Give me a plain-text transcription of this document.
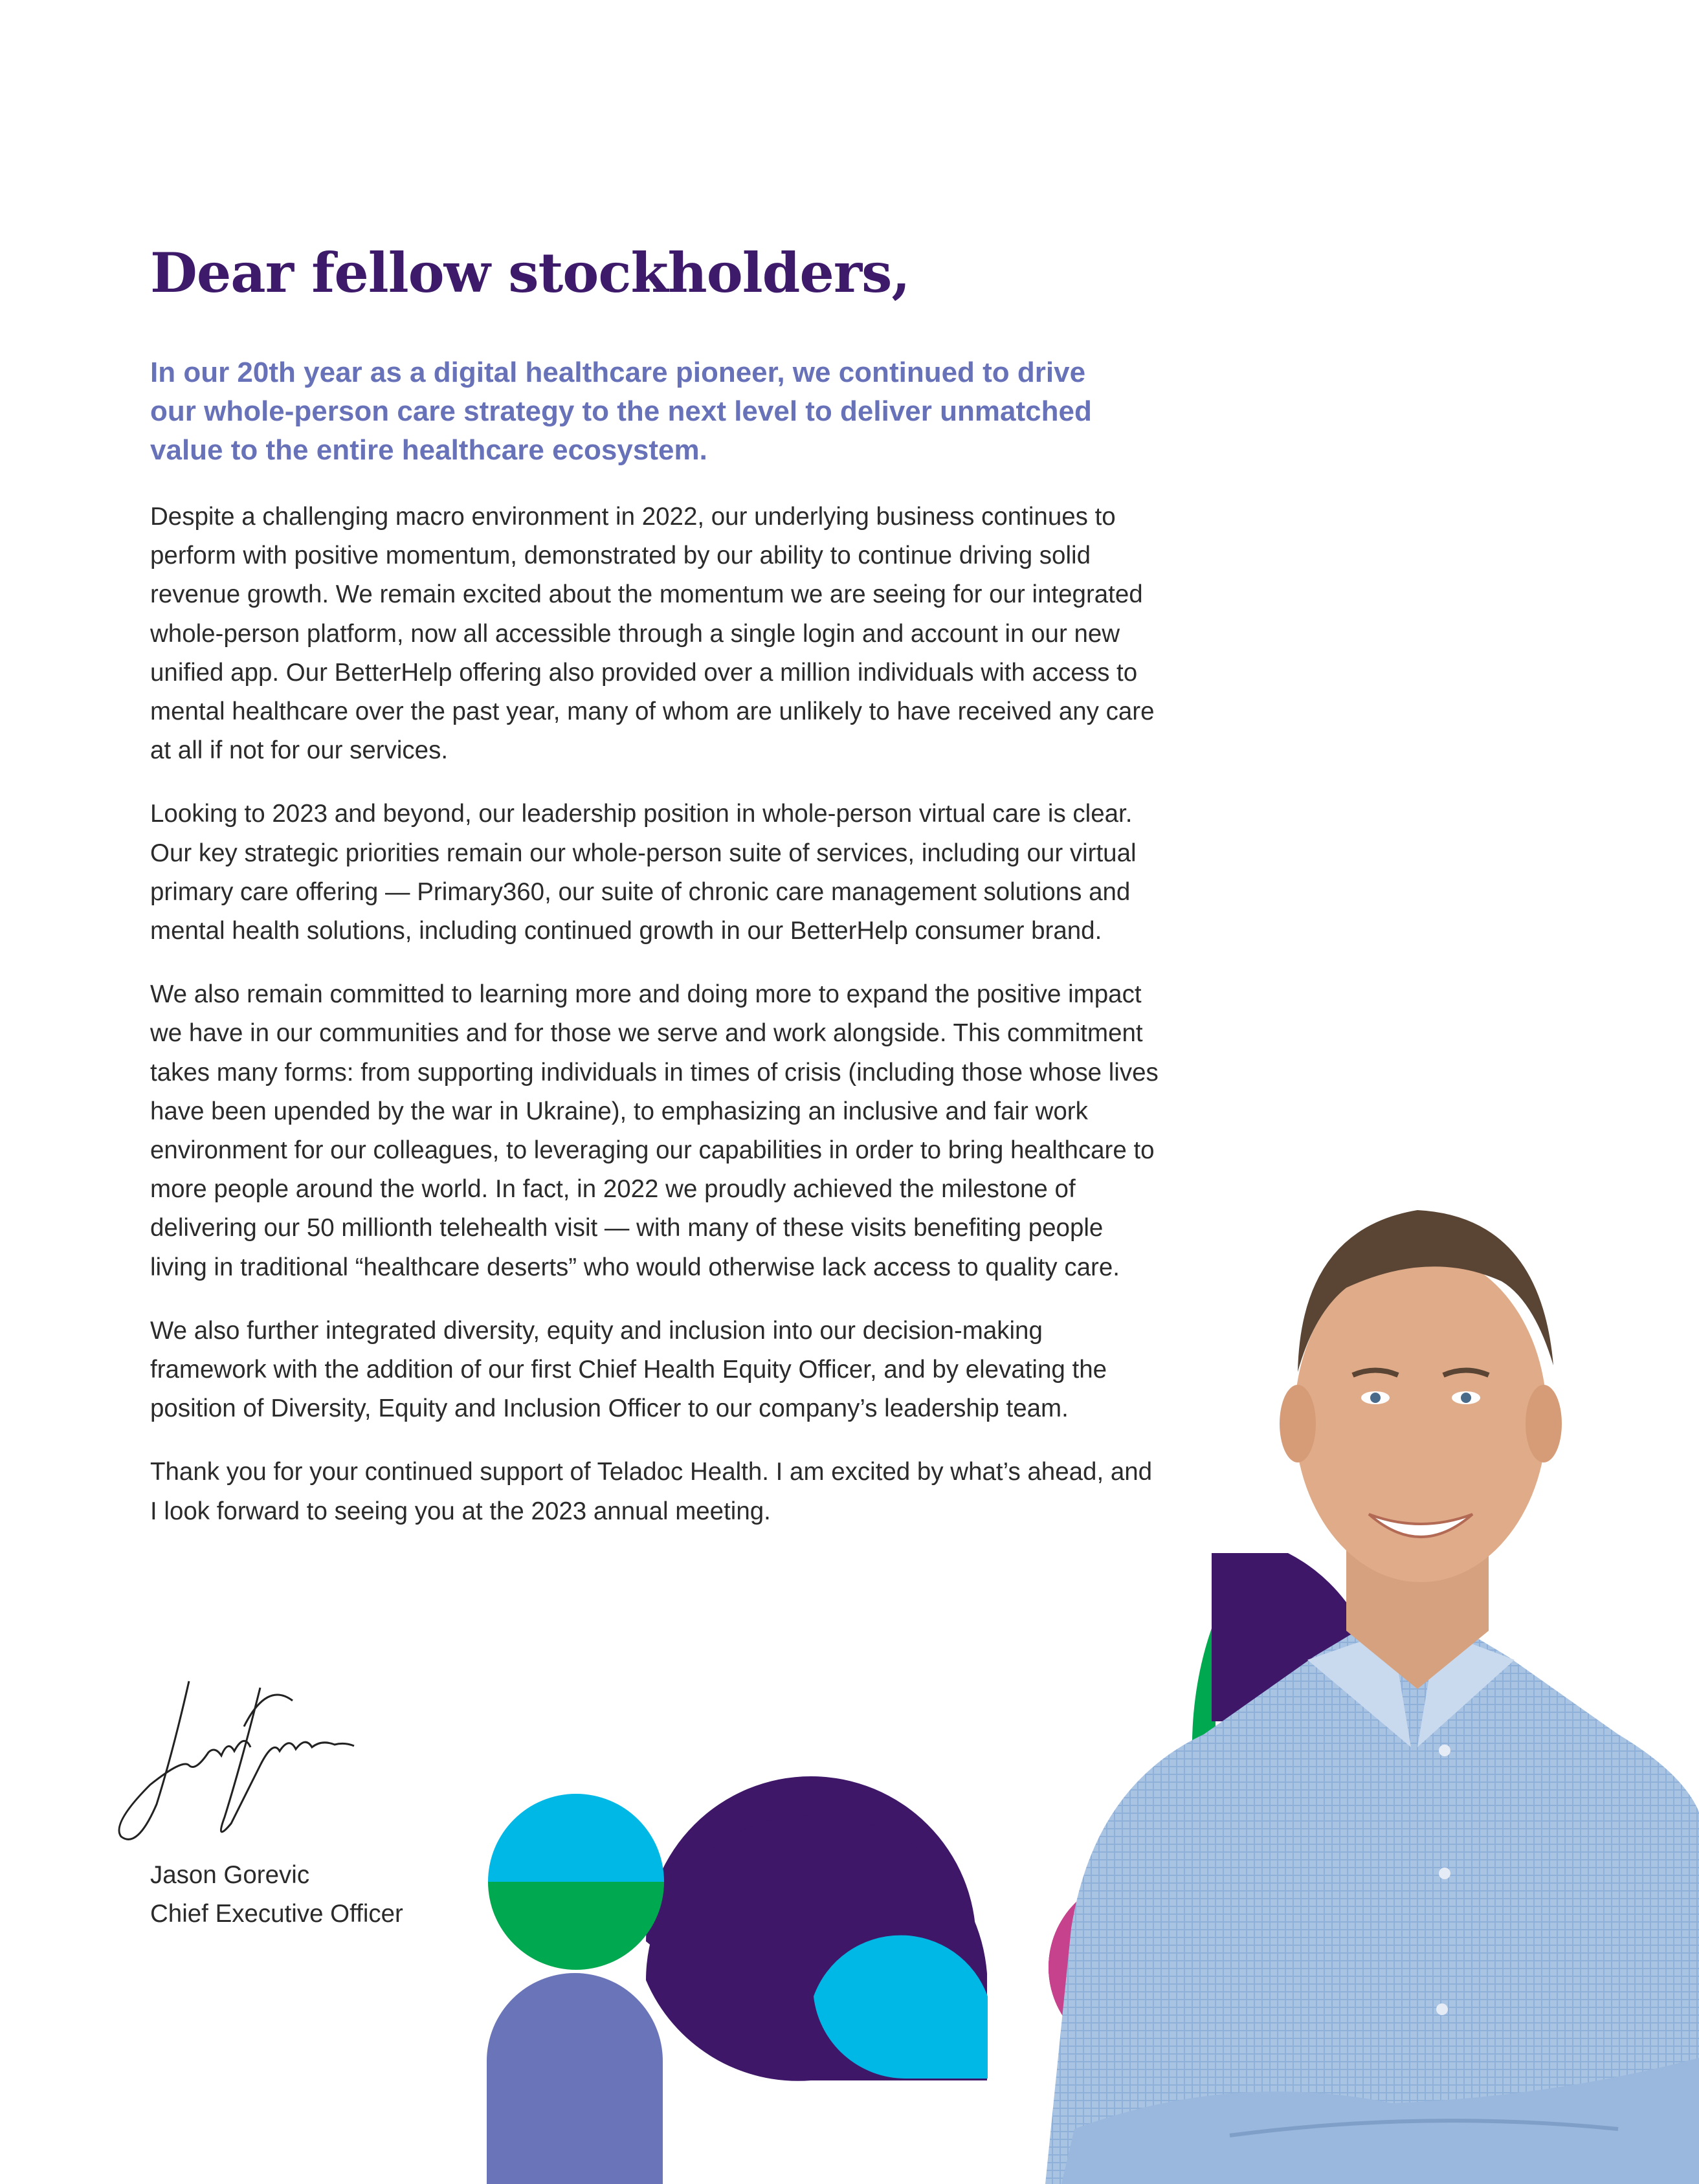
Dear fellow stockholders,

In our 20th year as a digital healthcare pioneer, we continued to drive our whole-person care strategy to the next level to deliver unmatched value to the entire healthcare ecosystem.

Despite a challenging macro environment in 2022, our underlying business continues to perform with positive momentum, demonstrated by our ability to continue driving solid revenue growth. We remain excited about the momentum we are seeing for our integrated whole-person platform, now all accessible through a single login and account in our new unified app. Our BetterHelp offering also provided over a million individuals with access to mental healthcare over the past year, many of whom are unlikely to have received any care at all if not for our services.

Looking to 2023 and beyond, our leadership position in whole-person virtual care is clear. Our key strategic priorities remain our whole-person suite of services, including our virtual primary care offering — Primary360, our suite of chronic care management solutions and mental health solutions, including continued growth in our BetterHelp consumer brand.

We also remain committed to learning more and doing more to expand the positive impact we have in our communities and for those we serve and work alongside. This commitment takes many forms: from supporting individuals in times of crisis (including those whose lives have been upended by the war in Ukraine), to emphasizing an inclusive and fair work environment for our colleagues, to leveraging our capabilities in order to bring healthcare to more people around the world. In fact, in 2022 we proudly achieved the milestone of delivering our 50 millionth telehealth visit — with many of these visits benefiting people living in traditional “healthcare deserts” who would otherwise lack access to quality care.

We also further integrated diversity, equity and inclusion into our decision-making framework with the addition of our first Chief Health Equity Officer, and by elevating the position of Diversity, Equity and Inclusion Officer to our company’s leadership team.

Thank you for your continued support of Teladoc Health. I am excited by what’s ahead, and I look forward to seeing you at the 2023 annual meeting.

Jason Gorevic
Chief Executive Officer
